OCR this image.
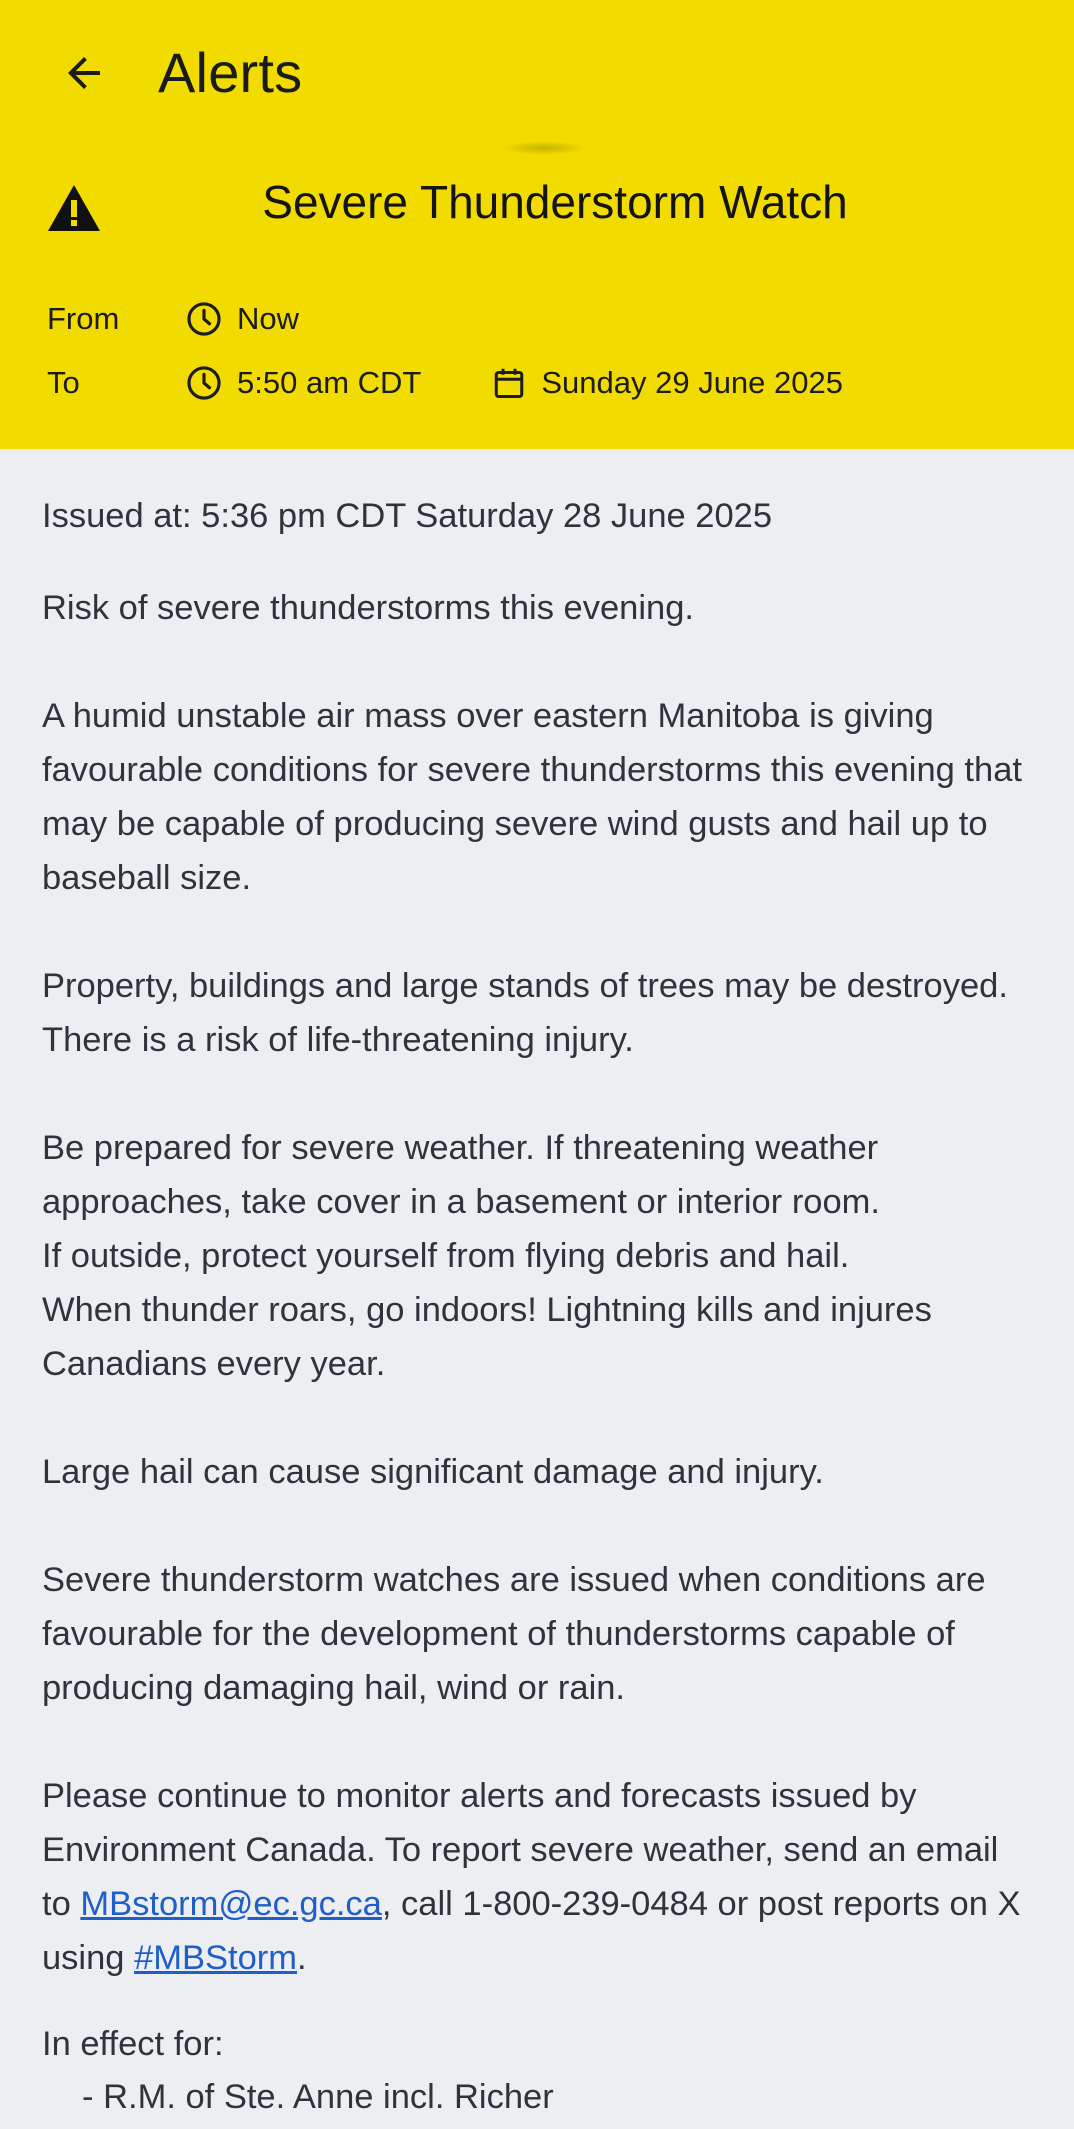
Alerts
Severe Thunderstorm Watch
From	Now
To	5:50 am CDT	Sunday 29 June 2025
Issued at: 5:36 pm CDT Saturday 28 June 2025
Risk of severe thunderstorms this evening.
A humid unstable air mass over eastern Manitoba is giving favourable conditions for severe thunderstorms this evening that may be capable of producing severe wind gusts and hail up to baseball size.
Property, buildings and large stands of trees may be destroyed. There is a risk of life-threatening injury.
Be prepared for severe weather. If threatening weather approaches, take cover in a basement or interior room.
If outside, protect yourself from flying debris and hail.
When thunder roars, go indoors! Lightning kills and injures Canadians every year.
Large hail can cause significant damage and injury.
Severe thunderstorm watches are issued when conditions are favourable for the development of thunderstorms capable of producing damaging hail, wind or rain.
Please continue to monitor alerts and forecasts issued by Environment Canada. To report severe weather, send an email to MBstorm@ec.gc.ca, call 1-800-239-0484 or post reports on X using #MBStorm.
In effect for:
- R.M. of Ste. Anne incl. Richer
